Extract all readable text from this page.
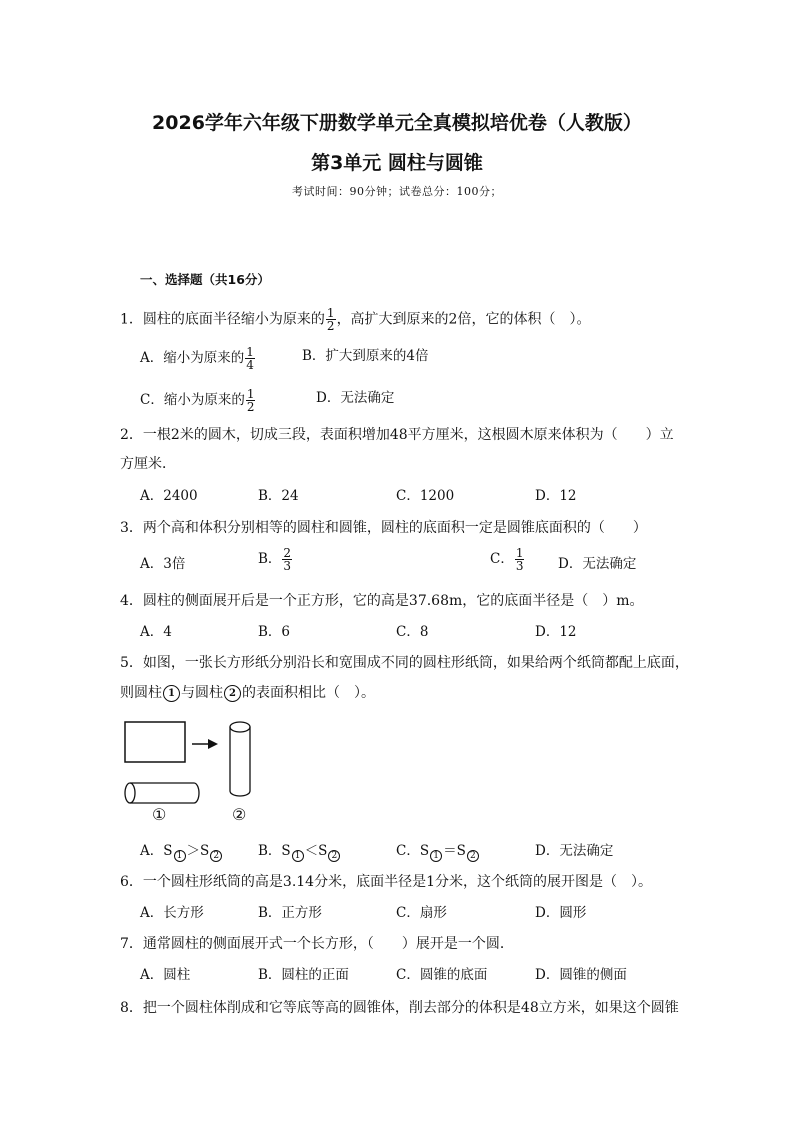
2026学年六年级下册数学单元全真模拟培优卷（人教版）
第3单元 圆柱与圆锥
考试时间：90分钟；试卷总分：100分；
一、选择题（共16分）
1．圆柱的底面半径缩小为原来的 $\frac{1}{2}$ ，高扩大到原来的2倍，它的体积（　）。
A．缩小为原来的 $\frac{1}{4}$	B．扩大到原来的4倍
C．缩小为原来的 $\frac{1}{2}$	D．无法确定
2．一根2米的圆木，切成三段，表面积增加48平方厘米，这根圆木原来体积为（　　）立
方厘米．
A．2400	B．24	C．1200	D．12
3．两个高和体积分别相等的圆柱和圆锥，圆柱的底面积一定是圆锥底面积的（　　）
A．3倍	B． $\frac{2}{3}$	C． $\frac{1}{3}$ D．无法确定
4．圆柱的侧面展开后是一个正方形，它的高是37.68m，它的底面半径是（　）m。
A．4	B．6	C．8	D．12
5．如图，一张长方形纸分别沿长和宽围成不同的圆柱形纸筒，如果给两个纸筒都配上底面，
则圆柱 1 与圆柱 2 的表面积相比（　）。
①	②
A．S $_1$ ＞S $_2$	B．S $_1$ ＜S $_2$	C．S $_1$ ＝S $_2$	D．无法确定
6．一个圆柱形纸筒的高是3.14分米，底面半径是1分米，这个纸筒的展开图是（　）。
A．长方形	B．正方形	C．扇形	D．圆形
7．通常圆柱的侧面展开式一个长方形，（　　）展开是一个圆．
A．圆柱	B．圆柱的正面	C．圆锥的底面	D．圆锥的侧面
8．把一个圆柱体削成和它等底等高的圆锥体，削去部分的体积是48立方米，如果这个圆锥
